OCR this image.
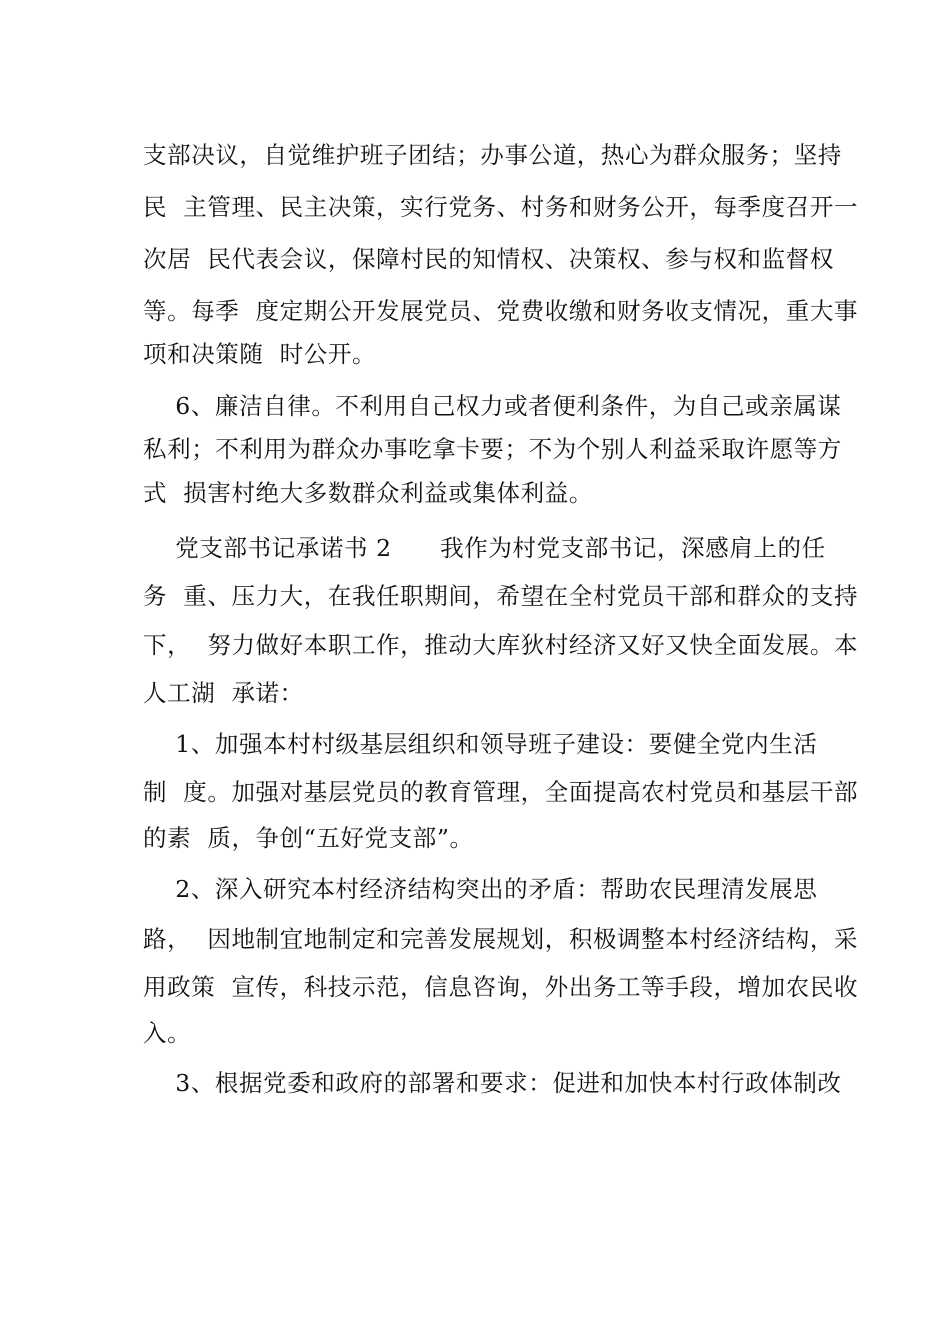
支部决议，自觉维护班子团结；办事公道，热心为群众服务；坚持
民  主管理、民主决策，实行党务、村务和财务公开，每季度召开一
次居  民代表会议，保障村民的知情权、决策权、参与权和监督权
等。每季  度定期公开发展党员、党费收缴和财务收支情况，重大事
项和决策随  时公开。
6、廉洁自律。不利用自己权力或者便利条件，为自己或亲属谋
私利；不利用为群众办事吃拿卡要；不为个别人利益采取许愿等方
式  损害村绝大多数群众利益或集体利益。
党支部书记承诺书 2      我作为村党支部书记，深感肩上的任
务  重、压力大，在我任职期间，希望在全村党员干部和群众的支持
下，  努力做好本职工作，推动大库狄村经济又好又快全面发展。本
人工湖  承诺：
1、加强本村村级基层组织和领导班子建设：要健全党内生活
制  度。加强对基层党员的教育管理，全面提高农村党员和基层干部
的素  质，争创“五好党支部”。
2、深入研究本村经济结构突出的矛盾：帮助农民理清发展思
路，  因地制宜地制定和完善发展规划，积极调整本村经济结构，采
用政策  宣传，科技示范，信息咨询，外出务工等手段，增加农民收
入。
3、根据党委和政府的部署和要求：促进和加快本村行政体制改
